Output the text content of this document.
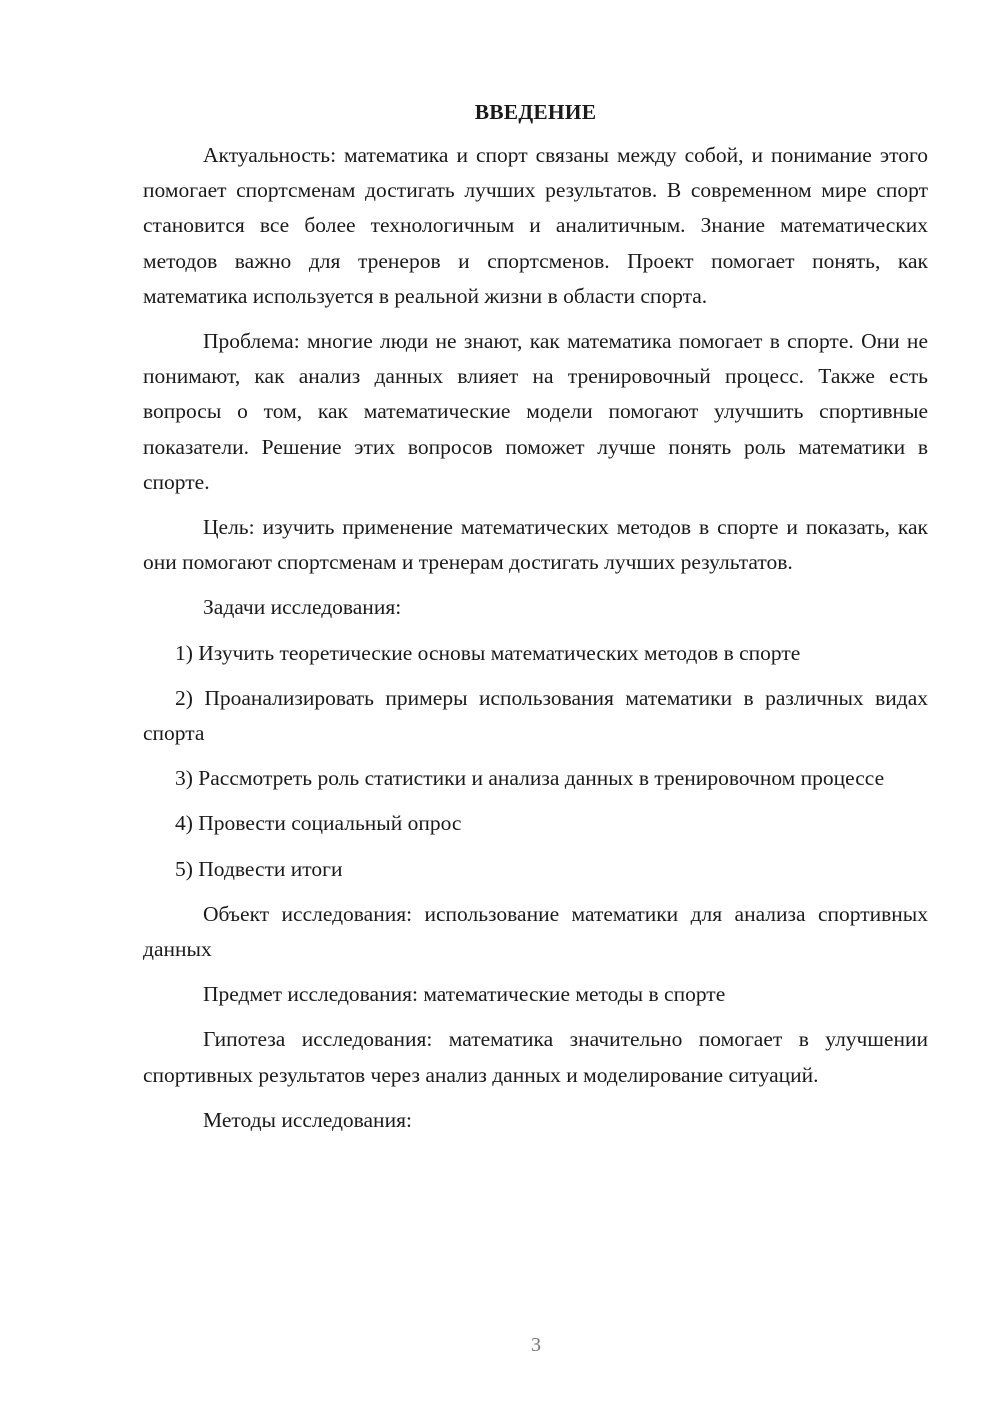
ВВЕДЕНИЕ

Актуальность: математика и спорт связаны между собой, и понимание этого помогает спортсменам достигать лучших результатов. В современном мире спорт становится все более технологичным и аналитичным. Знание математических методов важно для тренеров и спортсменов. Проект помогает понять, как математика используется в реальной жизни в области спорта.

Проблема: многие люди не знают, как математика помогает в спорте. Они не понимают, как анализ данных влияет на тренировочный процесс. Также есть вопросы о том, как математические модели помогают улучшить спортивные показатели. Решение этих вопросов поможет лучше понять роль математики в спорте.

Цель: изучить применение математических методов в спорте и показать, как они помогают спортсменам и тренерам достигать лучших результатов.

Задачи исследования:

1) Изучить теоретические основы математических методов в спорте

2) Проанализировать примеры использования математики в различных видах спорта

3) Рассмотреть роль статистики и анализа данных в тренировочном процессе

4) Провести социальный опрос

5) Подвести итоги

Объект исследования: использование математики для анализа спортивных данных

Предмет исследования: математические методы в спорте

Гипотеза исследования: математика значительно помогает в улучшении спортивных результатов через анализ данных и моделирование ситуаций.

Методы исследования:

3
